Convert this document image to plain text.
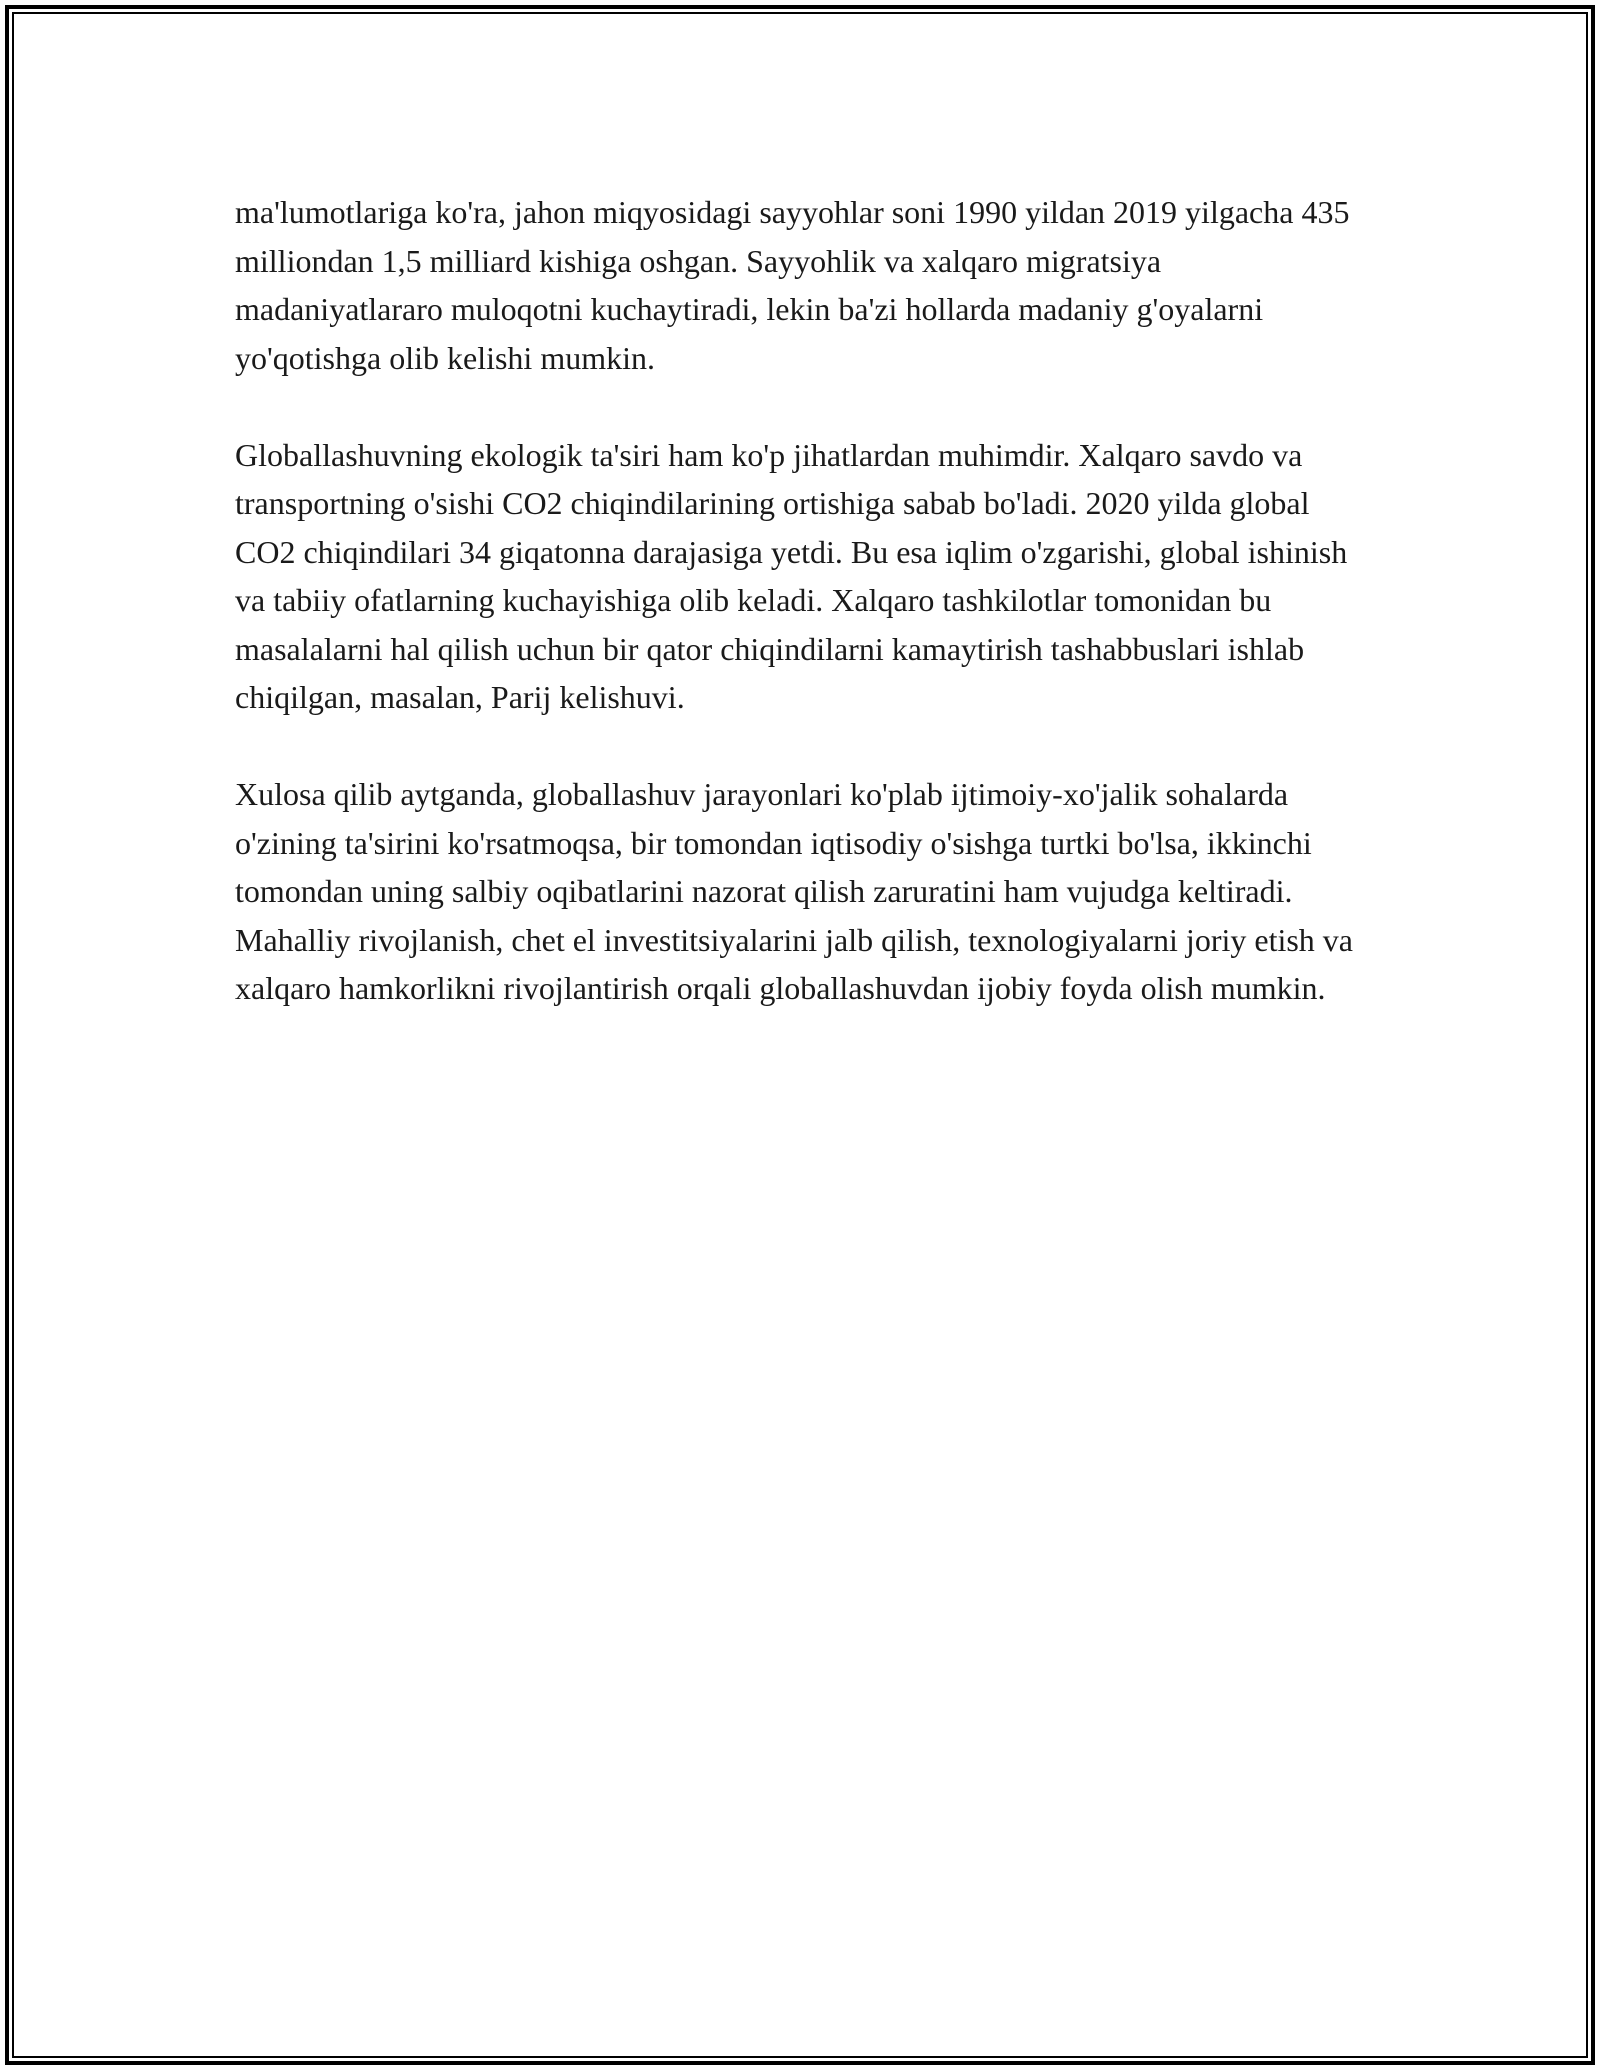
ma'lumotlariga ko'ra, jahon miqyosidagi sayyohlar soni 1990 yildan 2019 yilgacha 435 milliondan 1,5 milliard kishiga oshgan. Sayyohlik va xalqaro migratsiya madaniyatlararo muloqotni kuchaytiradi, lekin ba'zi hollarda madaniy g'oyalarni yo'qotishga olib kelishi mumkin.

Globallashuvning ekologik ta'siri ham ko'p jihatlardan muhimdir. Xalqaro savdo va transportning o'sishi CO2 chiqindilarining ortishiga sabab bo'ladi. 2020 yilda global CO2 chiqindilari 34 giqatonna darajasiga yetdi. Bu esa iqlim o'zgarishi, global ishinish va tabiiy ofatlarning kuchayishiga olib keladi. Xalqaro tashkilotlar tomonidan bu masalalarni hal qilish uchun bir qator chiqindilarni kamaytirish tashabbuslari ishlab chiqilgan, masalan, Parij kelishuvi.

Xulosa qilib aytganda, globallashuv jarayonlari ko'plab ijtimoiy-xo'jalik sohalarda o'zining ta'sirini ko'rsatmoqsa, bir tomondan iqtisodiy o'sishga turtki bo'lsa, ikkinchi tomondan uning salbiy oqibatlarini nazorat qilish zaruratini ham vujudga keltiradi. Mahalliy rivojlanish, chet el investitsiyalarini jalb qilish, texnologiyalarni joriy etish va xalqaro hamkorlikni rivojlantirish orqali globallashuvdan ijobiy foyda olish mumkin.
